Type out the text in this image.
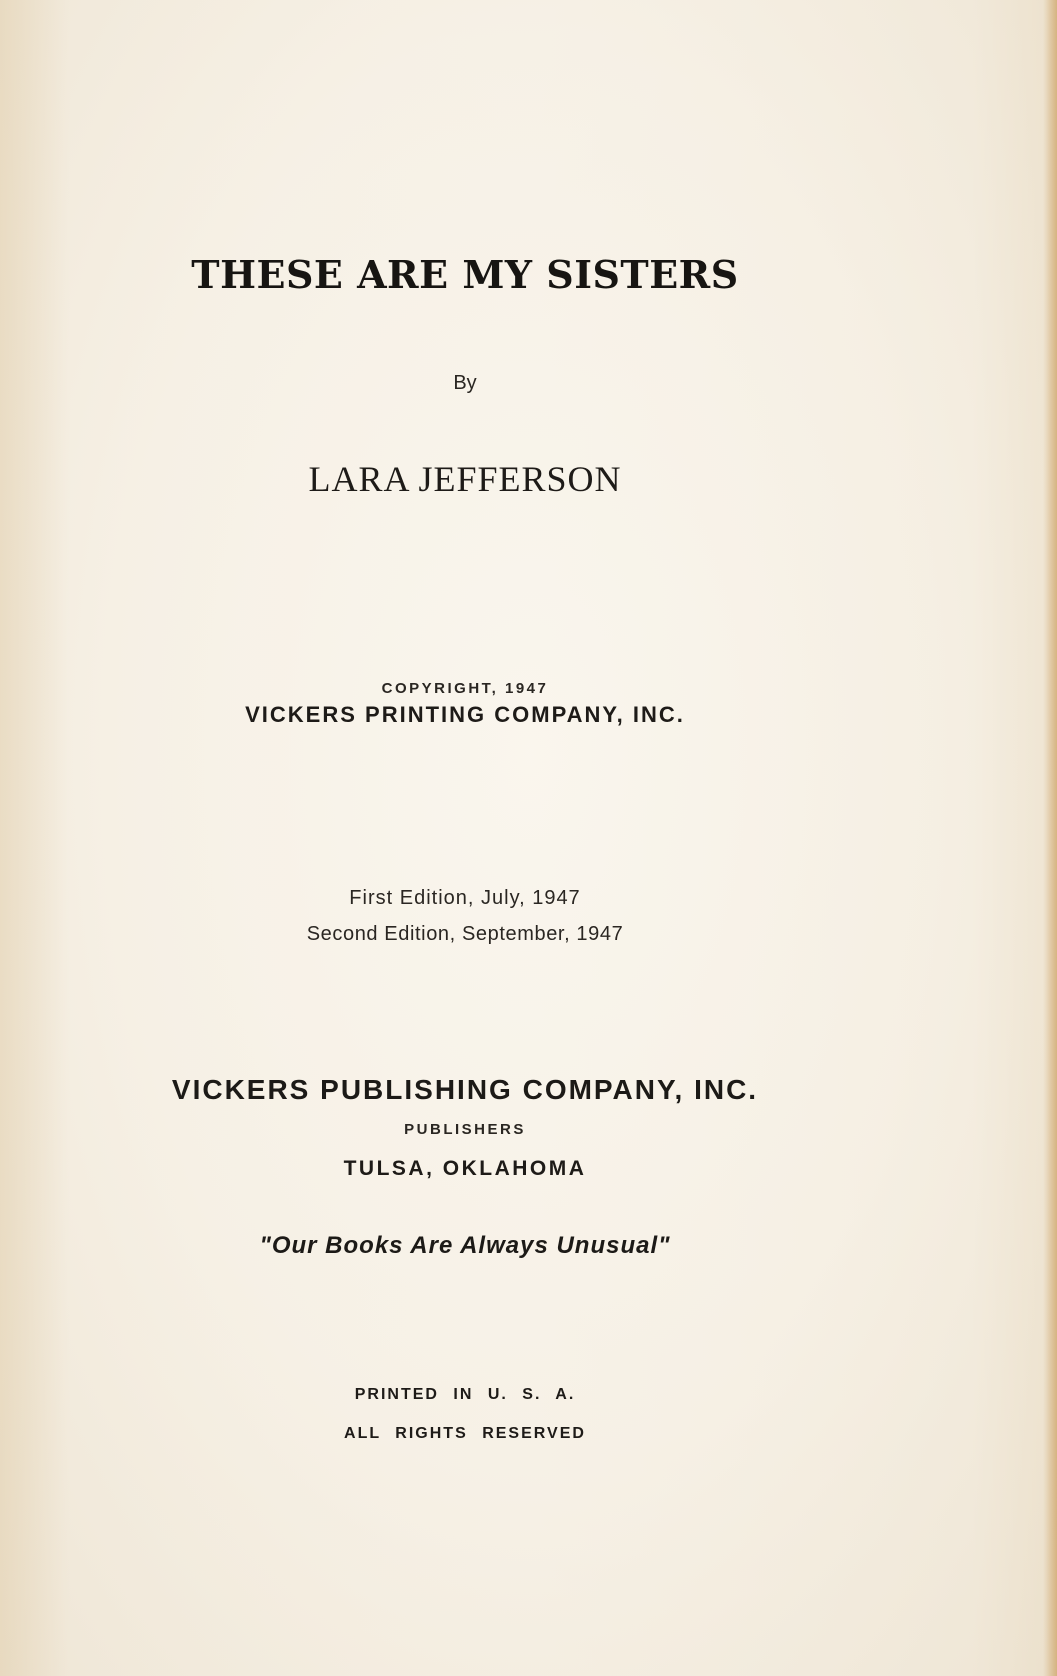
THESE ARE MY SISTERS
By
LARA JEFFERSON
COPYRIGHT, 1947
VICKERS PRINTING COMPANY, INC.
First Edition, July, 1947
Second Edition, September, 1947
VICKERS PUBLISHING COMPANY, INC.
PUBLISHERS
TULSA, OKLAHOMA
"Our Books Are Always Unusual"
PRINTED IN U. S. A.
ALL RIGHTS RESERVED
